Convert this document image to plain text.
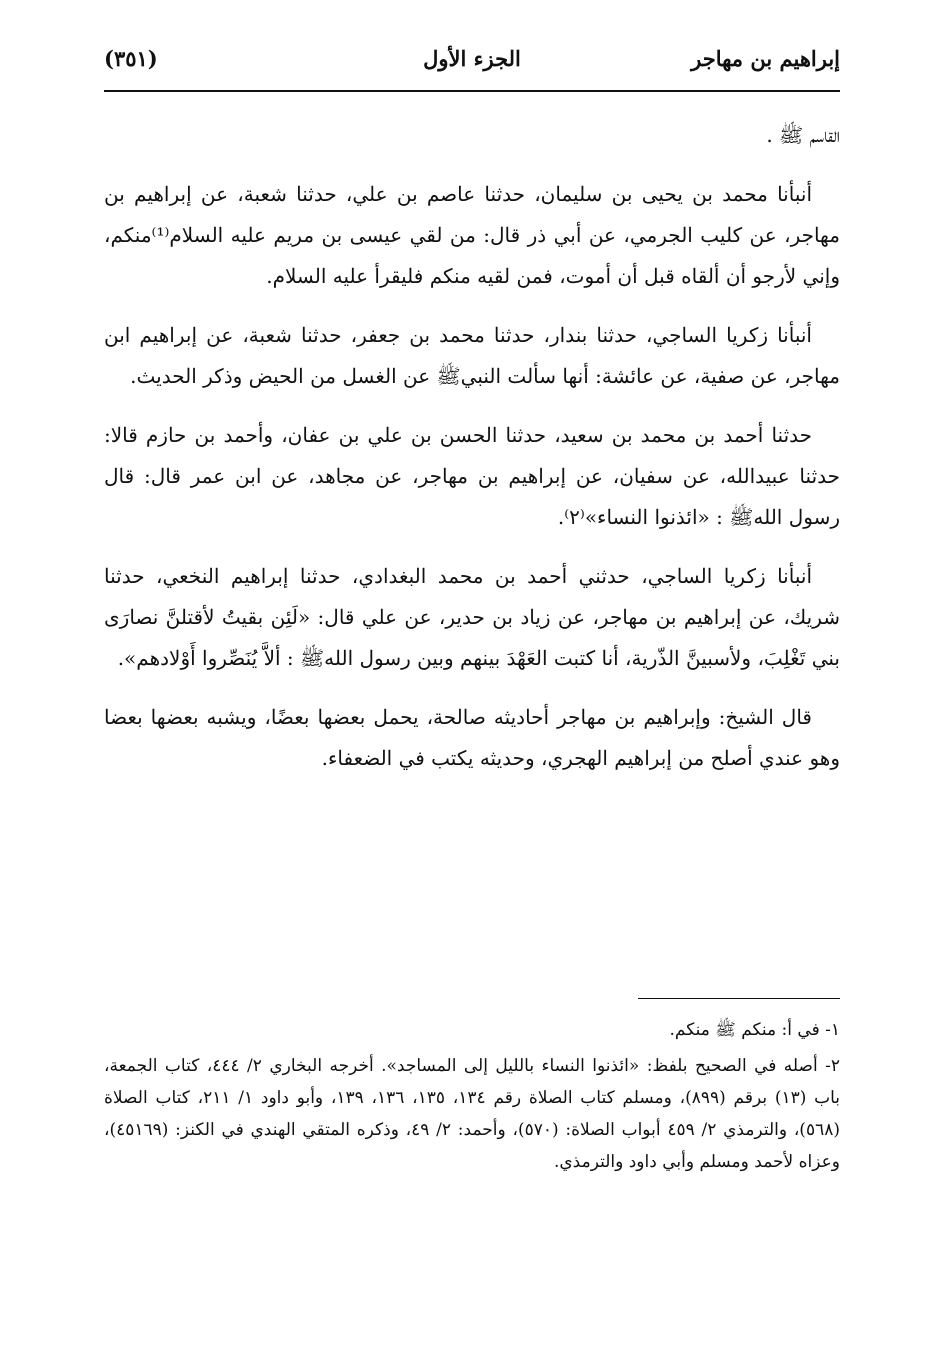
إبراهيم بن مهاجر
الجزء الأول
(٣٥١)

القاسم ﷺ .

أنبأنا محمد بن يحيى بن سليمان، حدثنا عاصم بن علي، حدثنا شعبة، عن إبراهيم بن مهاجر، عن كليب الجرمي، عن أبي ذر قال: من لقي عيسى بن مريم عليه السلام⁽¹⁾منكم، وإني لأرجو أن ألقاه قبل أن أموت، فمن لقيه منكم فليقرأ عليه السلام.

أنبأنا زكريا الساجي، حدثنا بندار، حدثنا محمد بن جعفر، حدثنا شعبة، عن إبراهيم ابن مهاجر، عن صفية، عن عائشة: أنها سألت النبيﷺ عن الغسل من الحيض وذكر الحديث.

حدثنا أحمد بن محمد بن سعيد، حدثنا الحسن بن علي بن عفان، وأحمد بن حازم قالا: حدثنا عبيدالله، عن سفيان، عن إبراهيم بن مهاجر، عن مجاهد، عن ابن عمر قال: قال رسول اللهﷺ : «ائذنوا النساء»⁽٢⁾.

أنبأنا زكريا الساجي، حدثني أحمد بن محمد البغدادي، حدثنا إبراهيم النخعي، حدثنا شريك، عن إبراهيم بن مهاجر، عن زياد بن حدير، عن علي قال: «لَئِن بقيتُ لأقتلنَّ نصارَى بني تَغْلِبَ، ولأسبينَّ الذّرية، أنا كتبت العَهْدَ بينهم وبين رسول اللهﷺ : ألاَّ يُنَصِّروا أَوْلادهم».

قال الشيخ: وإبراهيم بن مهاجر أحاديثه صالحة، يحمل بعضها بعضًا، ويشبه بعضها بعضا وهو عندي أصلح من إبراهيم الهجري، وحديثه يكتب في الضعفاء.

١- في أ: منكم ﷺ منكم.

٢- أصله في الصحيح بلفظ: «ائذنوا النساء بالليل إلى المساجد». أخرجه البخاري ٢/ ٤٤٤، كتاب الجمعة، باب (١٣) برقم (٨٩٩)، ومسلم كتاب الصلاة رقم ١٣٤، ١٣٥، ١٣٦، ١٣٩، وأبو داود ١/ ٢١١، كتاب الصلاة (٥٦٨)، والترمذي ٢/ ٤٥٩ أبواب الصلاة: (٥٧٠)، وأحمد: ٢/ ٤٩، وذكره المتقي الهندي في الكنز: (٤٥١٦٩)، وعزاه لأحمد ومسلم وأبي داود والترمذي.
